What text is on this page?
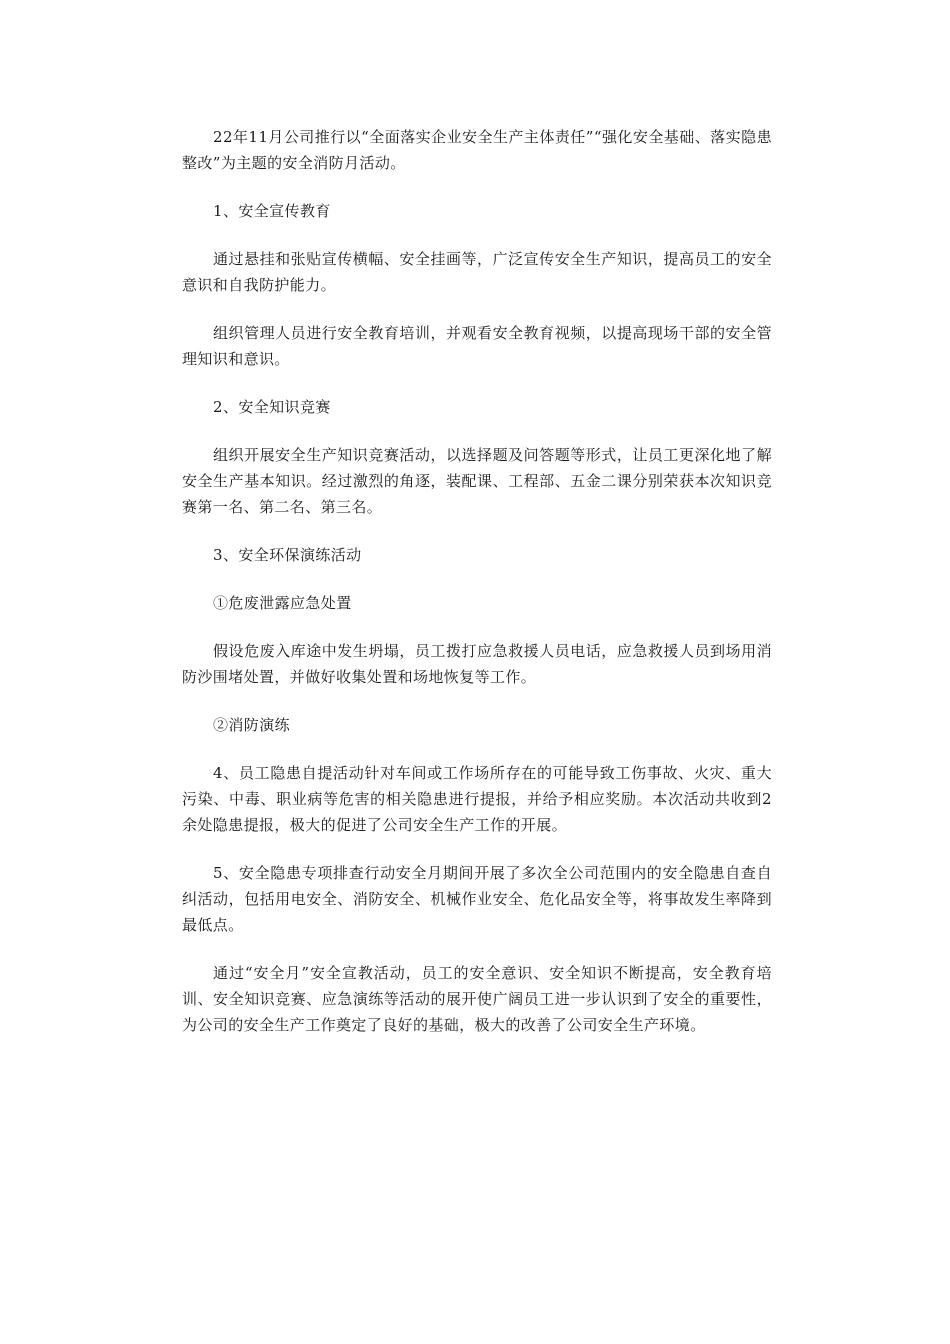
22年11月公司推行以“全面落实企业安全生产主体责任”“强化安全基础、落实隐患整改”为主题的安全消防月活动。

1、安全宣传教育

通过悬挂和张贴宣传横幅、安全挂画等，广泛宣传安全生产知识，提高员工的安全意识和自我防护能力。

组织管理人员进行安全教育培训，并观看安全教育视频，以提高现场干部的安全管理知识和意识。

2、安全知识竞赛

组织开展安全生产知识竞赛活动，以选择题及问答题等形式，让员工更深化地了解安全生产基本知识。经过激烈的角逐，装配课、工程部、五金二课分别荣获本次知识竞赛第一名、第二名、第三名。

3、安全环保演练活动

①危废泄露应急处置

假设危废入库途中发生坍塌，员工拨打应急救援人员电话，应急救援人员到场用消防沙围堵处置，并做好收集处置和场地恢复等工作。

②消防演练

4、员工隐患自提活动针对车间或工作场所存在的可能导致工伤事故、火灾、重大污染、中毒、职业病等危害的相关隐患进行提报，并给予相应奖励。本次活动共收到2余处隐患提报，极大的促进了公司安全生产工作的开展。

5、安全隐患专项排查行动安全月期间开展了多次全公司范围内的安全隐患自查自纠活动，包括用电安全、消防安全、机械作业安全、危化品安全等，将事故发生率降到最低点。

通过“安全月”安全宣教活动，员工的安全意识、安全知识不断提高，安全教育培训、安全知识竞赛、应急演练等活动的展开使广阔员工进一步认识到了安全的重要性，为公司的安全生产工作奠定了良好的基础，极大的改善了公司安全生产环境。
